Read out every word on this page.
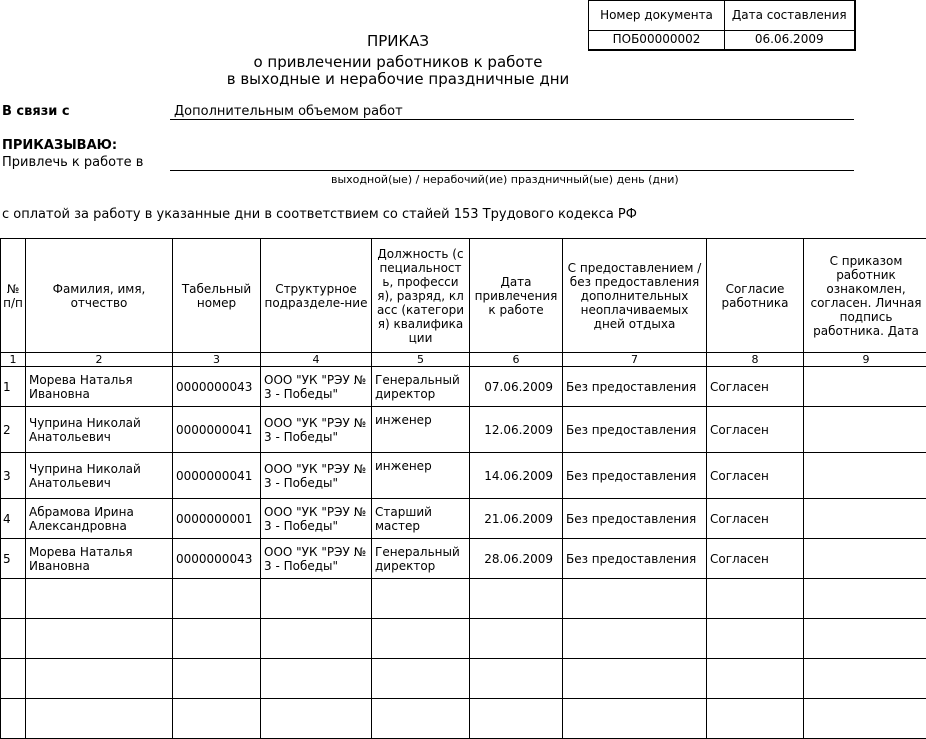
Номер документа	Дата составления
ПОБ00000002	06.06.2009
ПРИКАЗ
о привлечении работников к работе
в выходные и нерабочие праздничные дни
В связи с	Дополнительным объемом работ
ПРИКАЗЫВАЮ:
Привлечь к работе в
выходной(ые) / нерабочий(ие) праздничный(ые) день (дни)
с оплатой за работу в указанные дни в соответствием со стайей 153 Трудового кодекса РФ
№ п/п	Фамилия, имя, отчество	Табельный номер	Структурное подразделе-ние	Должность (специальность, профессия), разряд, класс (категория) квалификации	Дата привлечения к работе	С предоставлением / без предоставления дополнительных неоплачиваемых дней отдыха	Согласие работника	С приказом работник ознакомлен, согласен. Личная подпись работника. Дата
1	2	3	4	5	6	7	8	9
1	Морева Наталья Ивановна	0000000043	ООО "УК "РЭУ № 3 - Победы"	Генеральный директор	07.06.2009	Без предоставления	Согласен	
2	Чуприна Николай Анатольевич	0000000041	ООО "УК "РЭУ № 3 - Победы"	инженер	12.06.2009	Без предоставления	Согласен	
3	Чуприна Николай Анатольевич	0000000041	ООО "УК "РЭУ № 3 - Победы"	инженер	14.06.2009	Без предоставления	Согласен	
4	Абрамова Ирина Александровна	0000000001	ООО "УК "РЭУ № 3 - Победы"	Старший мастер	21.06.2009	Без предоставления	Согласен	
5	Морева Наталья Ивановна	0000000043	ООО "УК "РЭУ № 3 - Победы"	Генеральный директор	28.06.2009	Без предоставления	Согласен	
